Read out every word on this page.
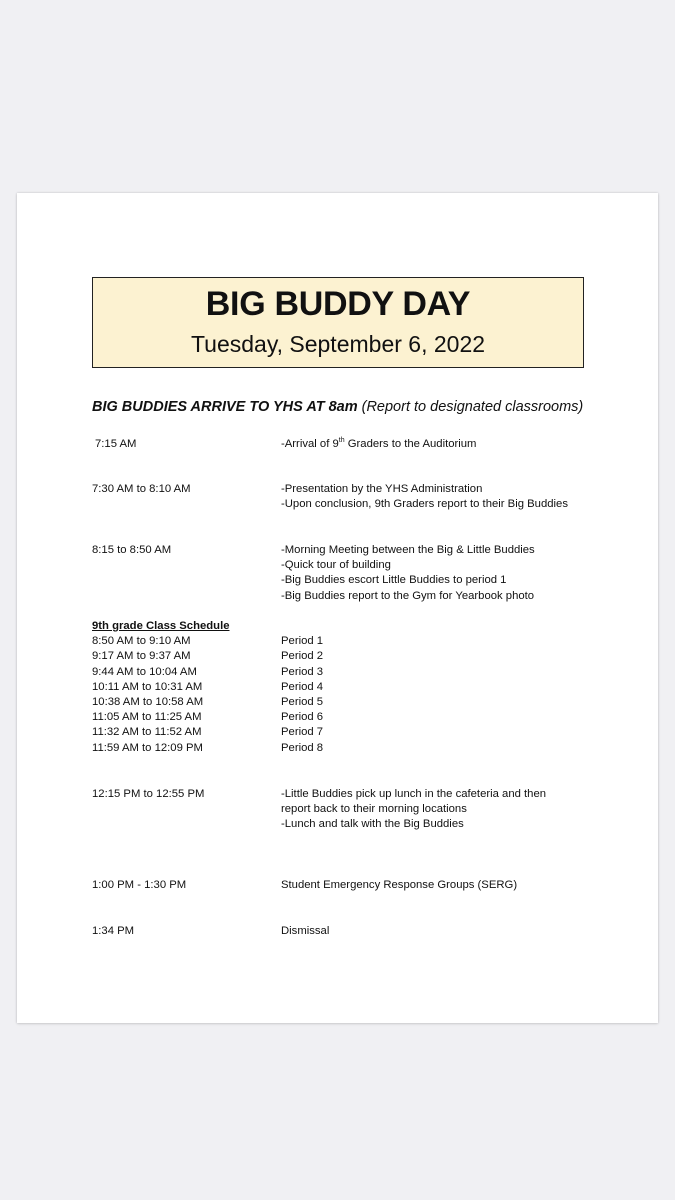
BIG BUDDY DAY
Tuesday, September 6, 2022
BIG BUDDIES ARRIVE TO YHS AT 8am (Report to designated classrooms)
7:15 AM	-Arrival of 9th Graders to the Auditorium
7:30 AM to 8:10 AM	-Presentation by the YHS Administration
-Upon conclusion, 9th Graders report to their Big Buddies
8:15 to 8:50 AM	-Morning Meeting between the Big & Little Buddies
-Quick tour of building
-Big Buddies escort Little Buddies to period 1
-Big Buddies report to the Gym for Yearbook photo
9th grade Class Schedule
8:50 AM to 9:10 AM	Period 1
9:17 AM to 9:37 AM	Period 2
9:44 AM to 10:04 AM	Period 3
10:11 AM to 10:31 AM	Period 4
10:38 AM to 10:58 AM	Period 5
11:05 AM to 11:25 AM	Period 6
11:32 AM to 11:52 AM	Period 7
11:59 AM to 12:09 PM	Period 8
12:15 PM to 12:55 PM	-Little Buddies pick up lunch in the cafeteria and then
report back to their morning locations
-Lunch and talk with the Big Buddies
1:00 PM - 1:30 PM	Student Emergency Response Groups (SERG)
1:34 PM	Dismissal
